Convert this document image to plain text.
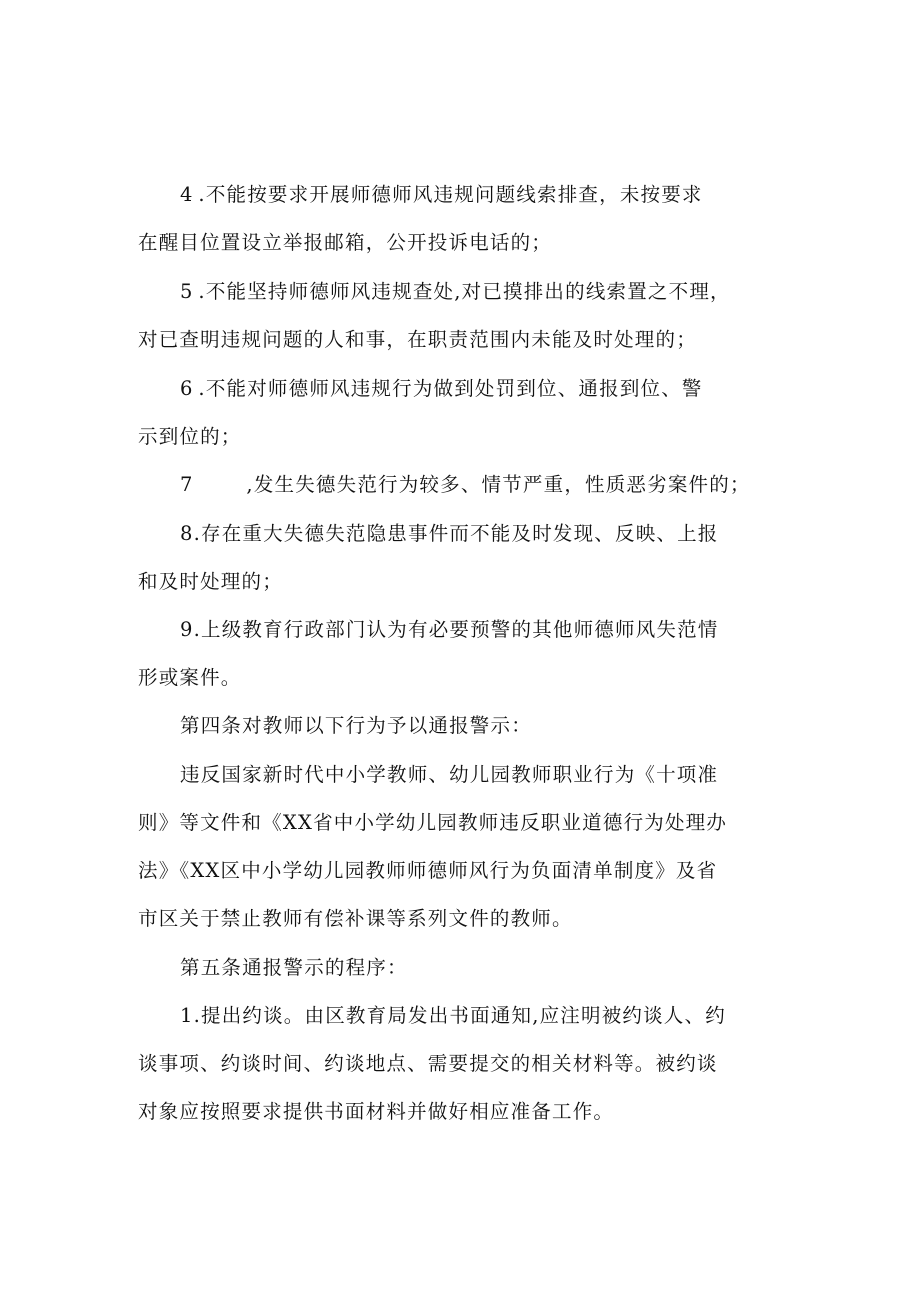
4.不能按要求开展师德师风违规问题线索排查，未按要求
在醒目位置设立举报邮箱，公开投诉电话的；
5.不能坚持师德师风违规查处,对已摸排出的线索置之不理，
对已查明违规问题的人和事，在职责范围内未能及时处理的；
6.不能对师德师风违规行为做到处罚到位、通报到位、警
示到位的；
7 ,发生失德失范行为较多、情节严重，性质恶劣案件的；
8.存在重大失德失范隐患事件而不能及时发现、反映、上报
和及时处理的；
9.上级教育行政部门认为有必要预警的其他师德师风失范情
形或案件。
第四条对教师以下行为予以通报警示：
违反国家新时代中小学教师、幼儿园教师职业行为《十项准
则》等文件和《XX省中小学幼儿园教师违反职业道德行为处理办
法》《XX区中小学幼儿园教师师德师风行为负面清单制度》及省
市区关于禁止教师有偿补课等系列文件的教师。
第五条通报警示的程序：
1.提出约谈。由区教育局发出书面通知,应注明被约谈人、约
谈事项、约谈时间、约谈地点、需要提交的相关材料等。被约谈
对象应按照要求提供书面材料并做好相应准备工作。
